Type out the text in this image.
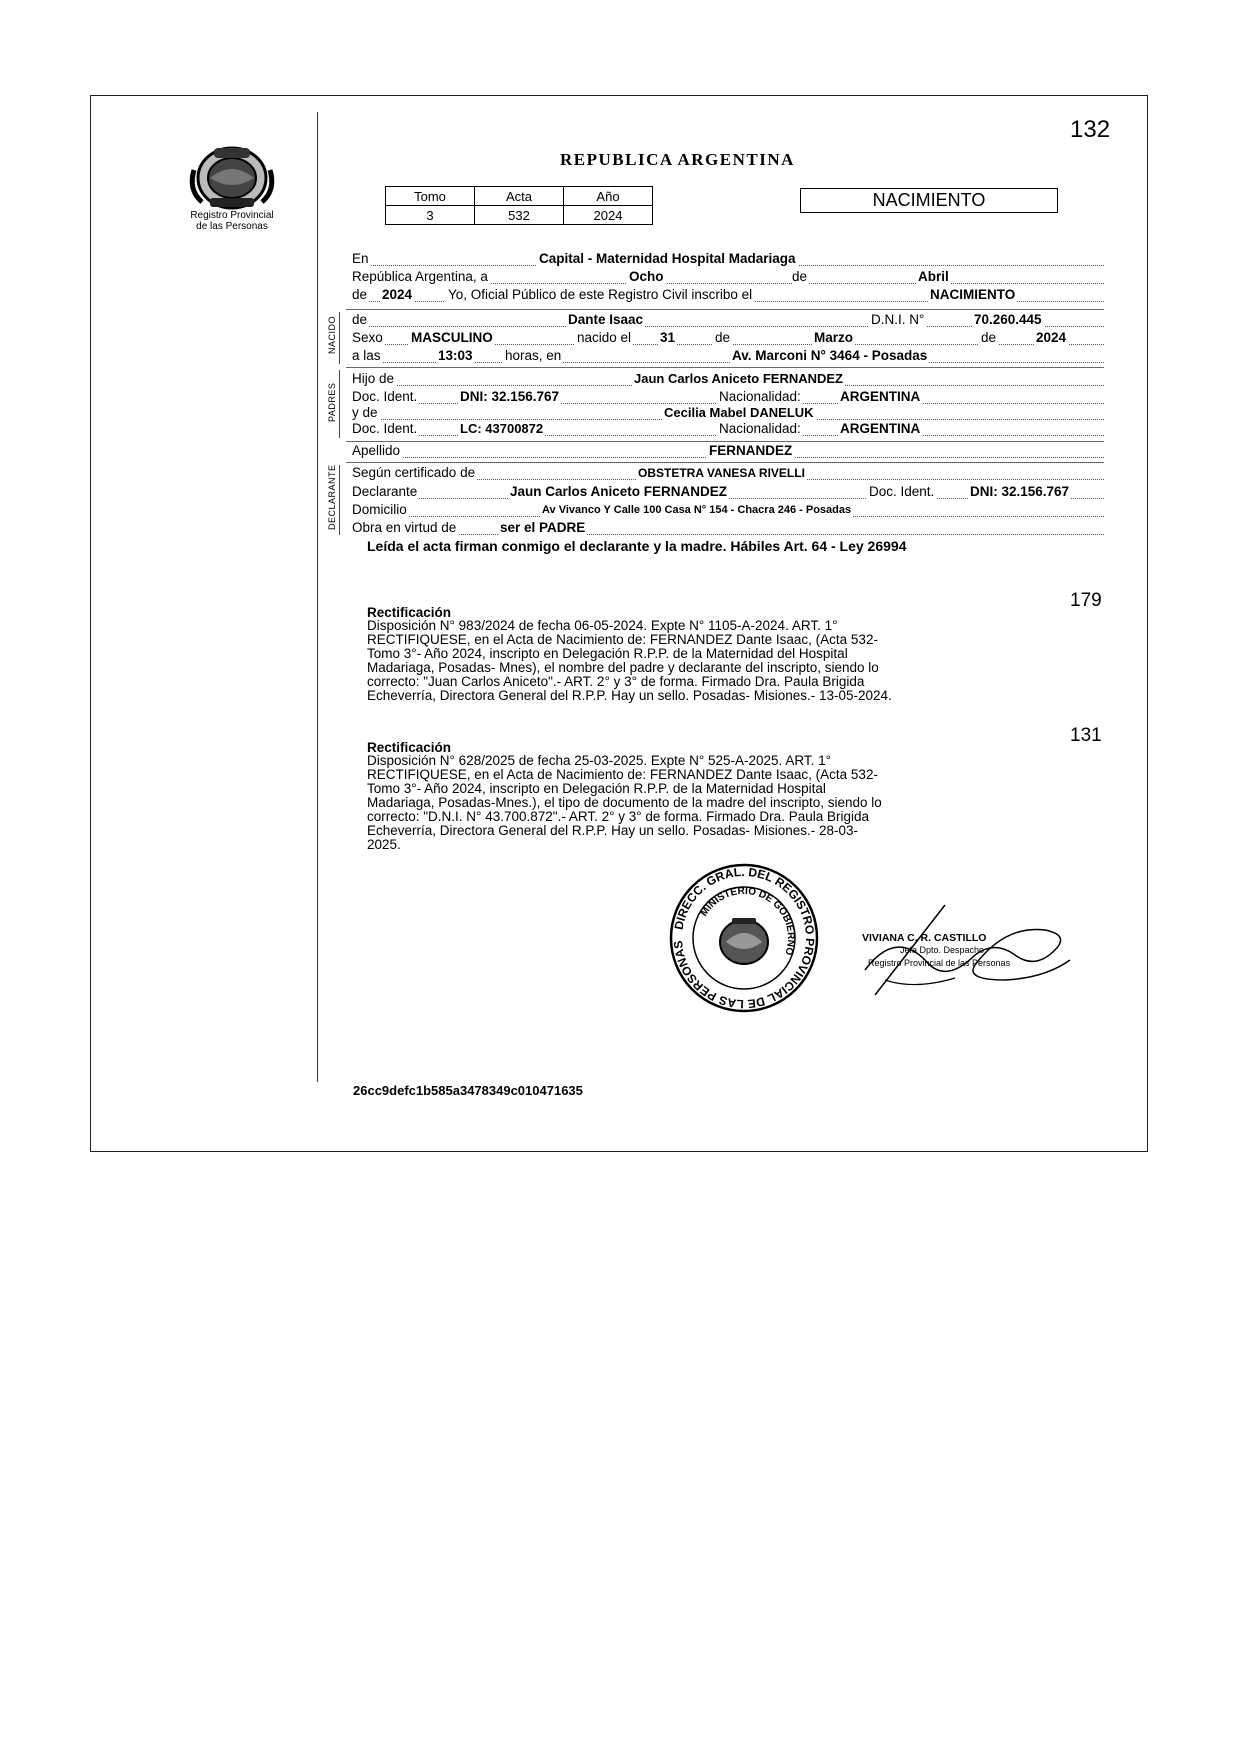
Registro Provincial
de las Personas
132
REPUBLICA ARGENTINA
Tomo	Acta	Año
3	532	2024
NACIMIENTO
En	Capital - Maternidad Hospital Madariaga
República Argentina, a	Ocho	de	Abril
de 2024	Yo, Oficial Público de este Registro Civil inscribo el	NACIMIENTO
NACIDO de	Dante Isaac	D.N.I. N°	70.260.445
Sexo MASCULINO	nacido el 31	de	Marzo	de	2024
a las	13:03 horas, en	Av. Marconi N° 3464 - Posadas
PADRES
Hijo de	Jaun Carlos Aniceto FERNANDEZ
Doc. Ident.	DNI: 32.156.767	Nacionalidad:	ARGENTINA
y de	Cecilia Mabel DANELUK
Doc. Ident.	LC: 43700872	Nacionalidad:	ARGENTINA
Apellido	FERNANDEZ
DECLARANTE Según certificado de	OBSTETRA VANESA RIVELLI
Declarante	Jaun Carlos Aniceto FERNANDEZ	Doc. Ident.	DNI: 32.156.767
Domicilio	Av Vivanco Y Calle 100 Casa N° 154 - Chacra 246 - Posadas
Obra en virtud de	ser el PADRE
Leída el acta firman conmigo el declarante y la madre. Hábiles Art. 64 - Ley 26994
179
Rectificación
Disposición N° 983/2024 de fecha 06-05-2024. Expte N° 1105-A-2024. ART. 1°
RECTIFIQUESE, en el Acta de Nacimiento de: FERNANDEZ Dante Isaac, (Acta 532-
Tomo 3°- Año 2024, inscripto en Delegación R.P.P. de la Maternidad del Hospital
Madariaga, Posadas- Mnes), el nombre del padre y declarante del inscripto, siendo lo
correcto: "Juan Carlos Aniceto".- ART. 2° y 3° de forma. Firmado Dra. Paula Brigida
Echeverría, Directora General del R.P.P. Hay un sello. Posadas- Misiones.- 13-05-2024.
131
Rectificación
Disposición N° 628/2025 de fecha 25-03-2025. Expte N° 525-A-2025. ART. 1°
RECTIFIQUESE, en el Acta de Nacimiento de: FERNANDEZ Dante Isaac, (Acta 532-
Tomo 3°- Año 2024, inscripto en Delegación R.P.P. de la Maternidad Hospital
Madariaga, Posadas-Mnes.), el tipo de documento de la madre del inscripto, siendo lo
correcto: "D.N.I. N° 43.700.872".- ART. 2° y 3° de forma. Firmado Dra. Paula Brigida
Echeverría, Directora General del R.P.P. Hay un sello. Posadas- Misiones.- 28-03-
2025.
DIRECC. GRAL. DEL REGISTRO PROVINCIAL DE LAS PERSONAS
MINISTERIO DE GOBIERNO
VIVIANA C. R. CASTILLO
Jefa Dpto. Despacho
Registro Provincial de las Personas
26cc9defc1b585a3478349c010471635
